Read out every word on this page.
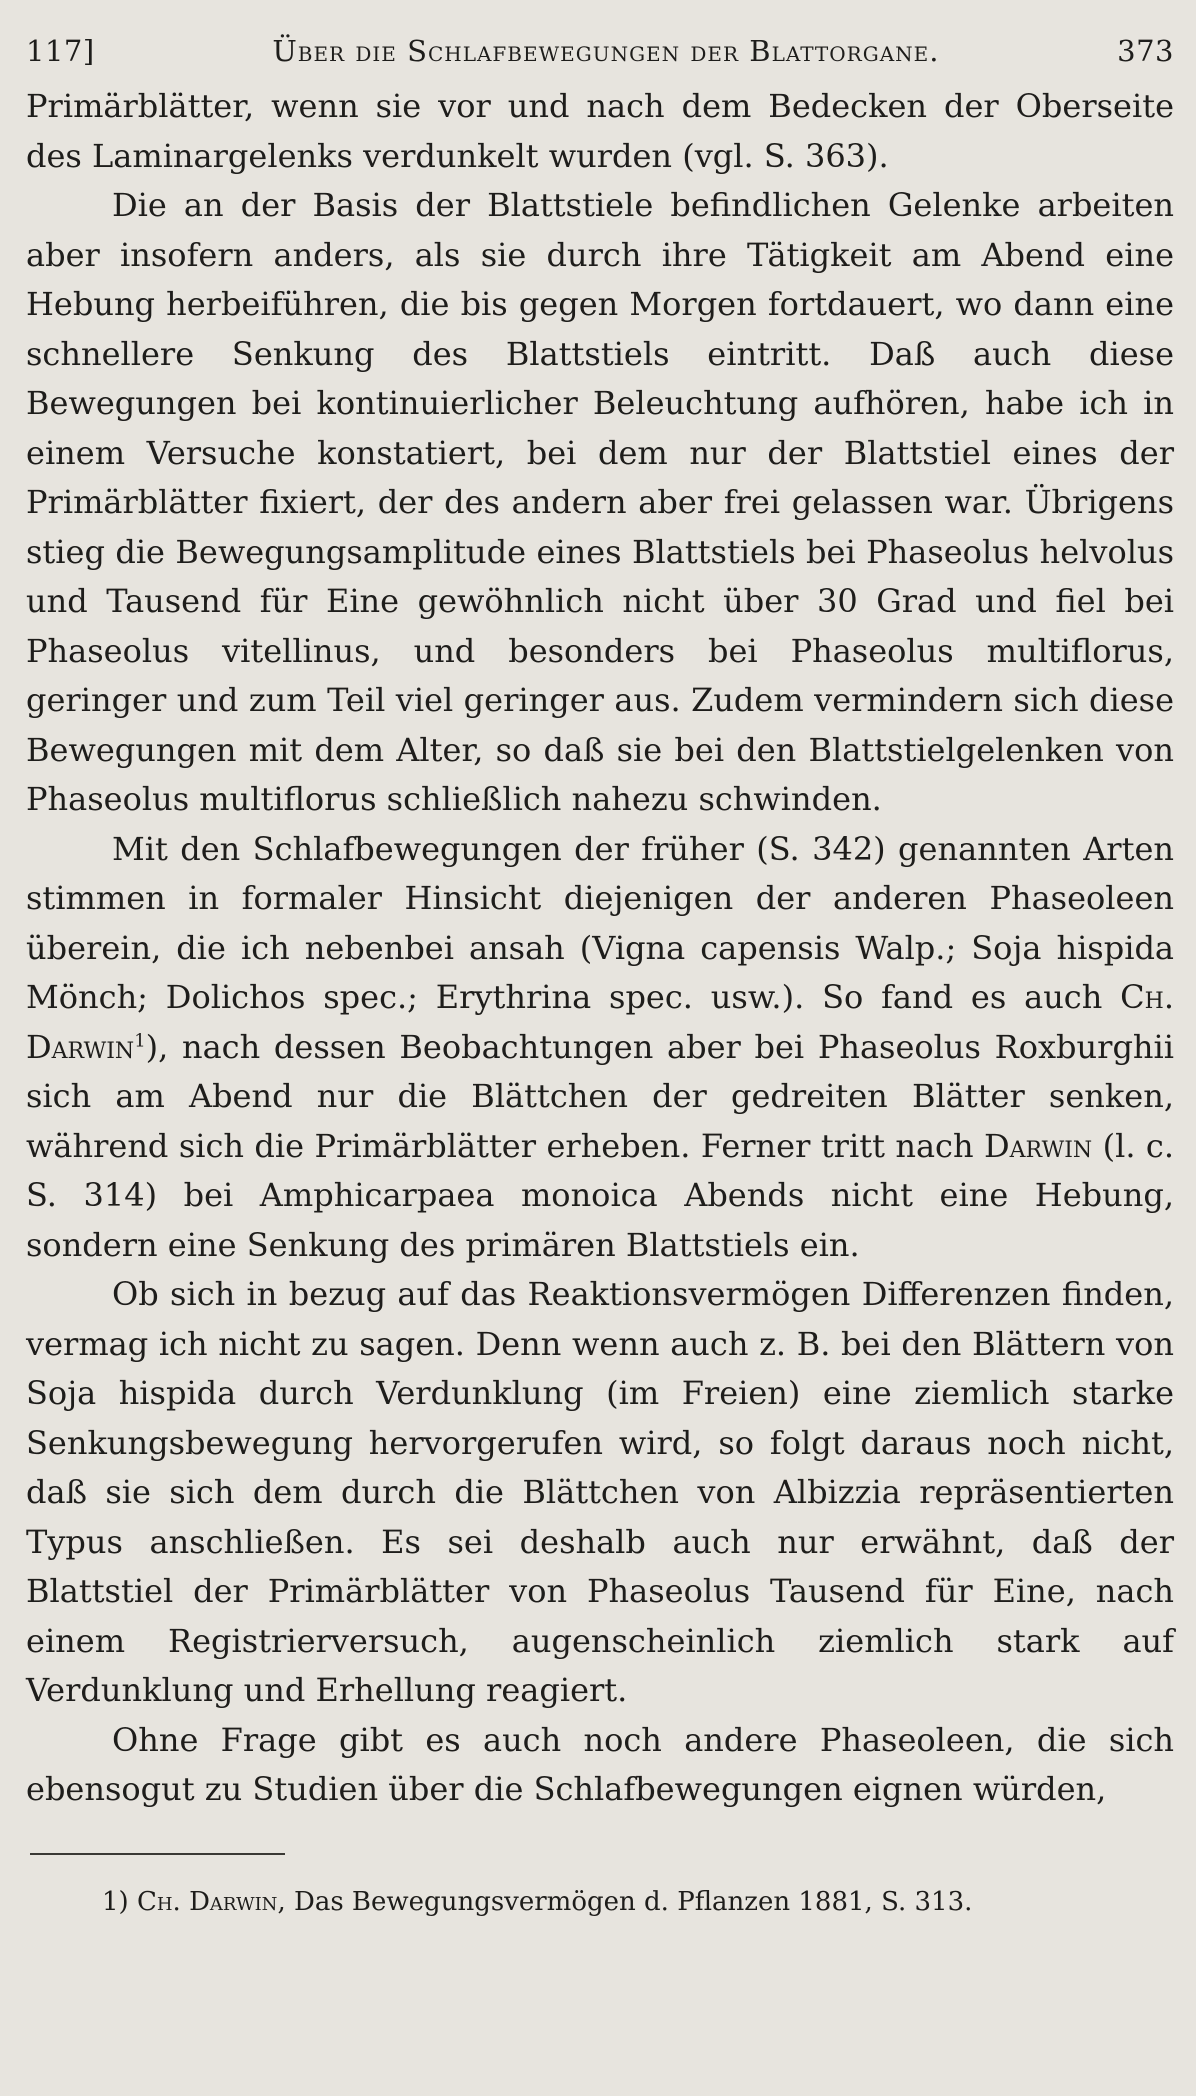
117]	Über die Schlafbewegungen der Blattorgane.	373

Primärblätter, wenn sie vor und nach dem Bedecken der Oberseite des Laminargelenks verdunkelt wurden (vgl. S. 363).

Die an der Basis der Blattstiele befindlichen Gelenke arbeiten aber insofern anders, als sie durch ihre Tätigkeit am Abend eine Hebung herbeiführen, die bis gegen Morgen fortdauert, wo dann eine schnellere Senkung des Blattstiels eintritt. Daß auch diese Bewegungen bei kontinuierlicher Beleuchtung aufhören, habe ich in einem Versuche konstatiert, bei dem nur der Blattstiel eines der Primärblätter fixiert, der des andern aber frei gelassen war. Übrigens stieg die Bewegungsamplitude eines Blattstiels bei Phaseolus helvolus und Tausend für Eine gewöhnlich nicht über 30 Grad und fiel bei Phaseolus vitellinus, und besonders bei Phaseolus multiflorus, geringer und zum Teil viel geringer aus. Zudem vermindern sich diese Bewegungen mit dem Alter, so daß sie bei den Blattstielgelenken von Phaseolus multiflorus schließlich nahezu schwinden.

Mit den Schlafbewegungen der früher (S. 342) genannten Arten stimmen in formaler Hinsicht diejenigen der anderen Phaseoleen überein, die ich nebenbei ansah (Vigna capensis Walp.; Soja hispida Mönch; Dolichos spec.; Erythrina spec. usw.). So fand es auch Ch. Darwin$^1$), nach dessen Beobachtungen aber bei Phaseolus Roxburghii sich am Abend nur die Blättchen der gedreiten Blätter senken, während sich die Primärblätter erheben. Ferner tritt nach Darwin (l. c. S. 314) bei Amphicarpaea monoica Abends nicht eine Hebung, sondern eine Senkung des primären Blattstiels ein.

Ob sich in bezug auf das Reaktionsvermögen Differenzen finden, vermag ich nicht zu sagen. Denn wenn auch z. B. bei den Blättern von Soja hispida durch Verdunklung (im Freien) eine ziemlich starke Senkungsbewegung hervorgerufen wird, so folgt daraus noch nicht, daß sie sich dem durch die Blättchen von Albizzia repräsentierten Typus anschließen. Es sei deshalb auch nur erwähnt, daß der Blattstiel der Primärblätter von Phaseolus Tausend für Eine, nach einem Registrierversuch, augenscheinlich ziemlich stark auf Verdunklung und Erhellung reagiert.

Ohne Frage gibt es auch noch andere Phaseoleen, die sich ebensogut zu Studien über die Schlafbewegungen eignen würden,

1) Ch. Darwin, Das Bewegungsvermögen d. Pflanzen 1881, S. 313.
